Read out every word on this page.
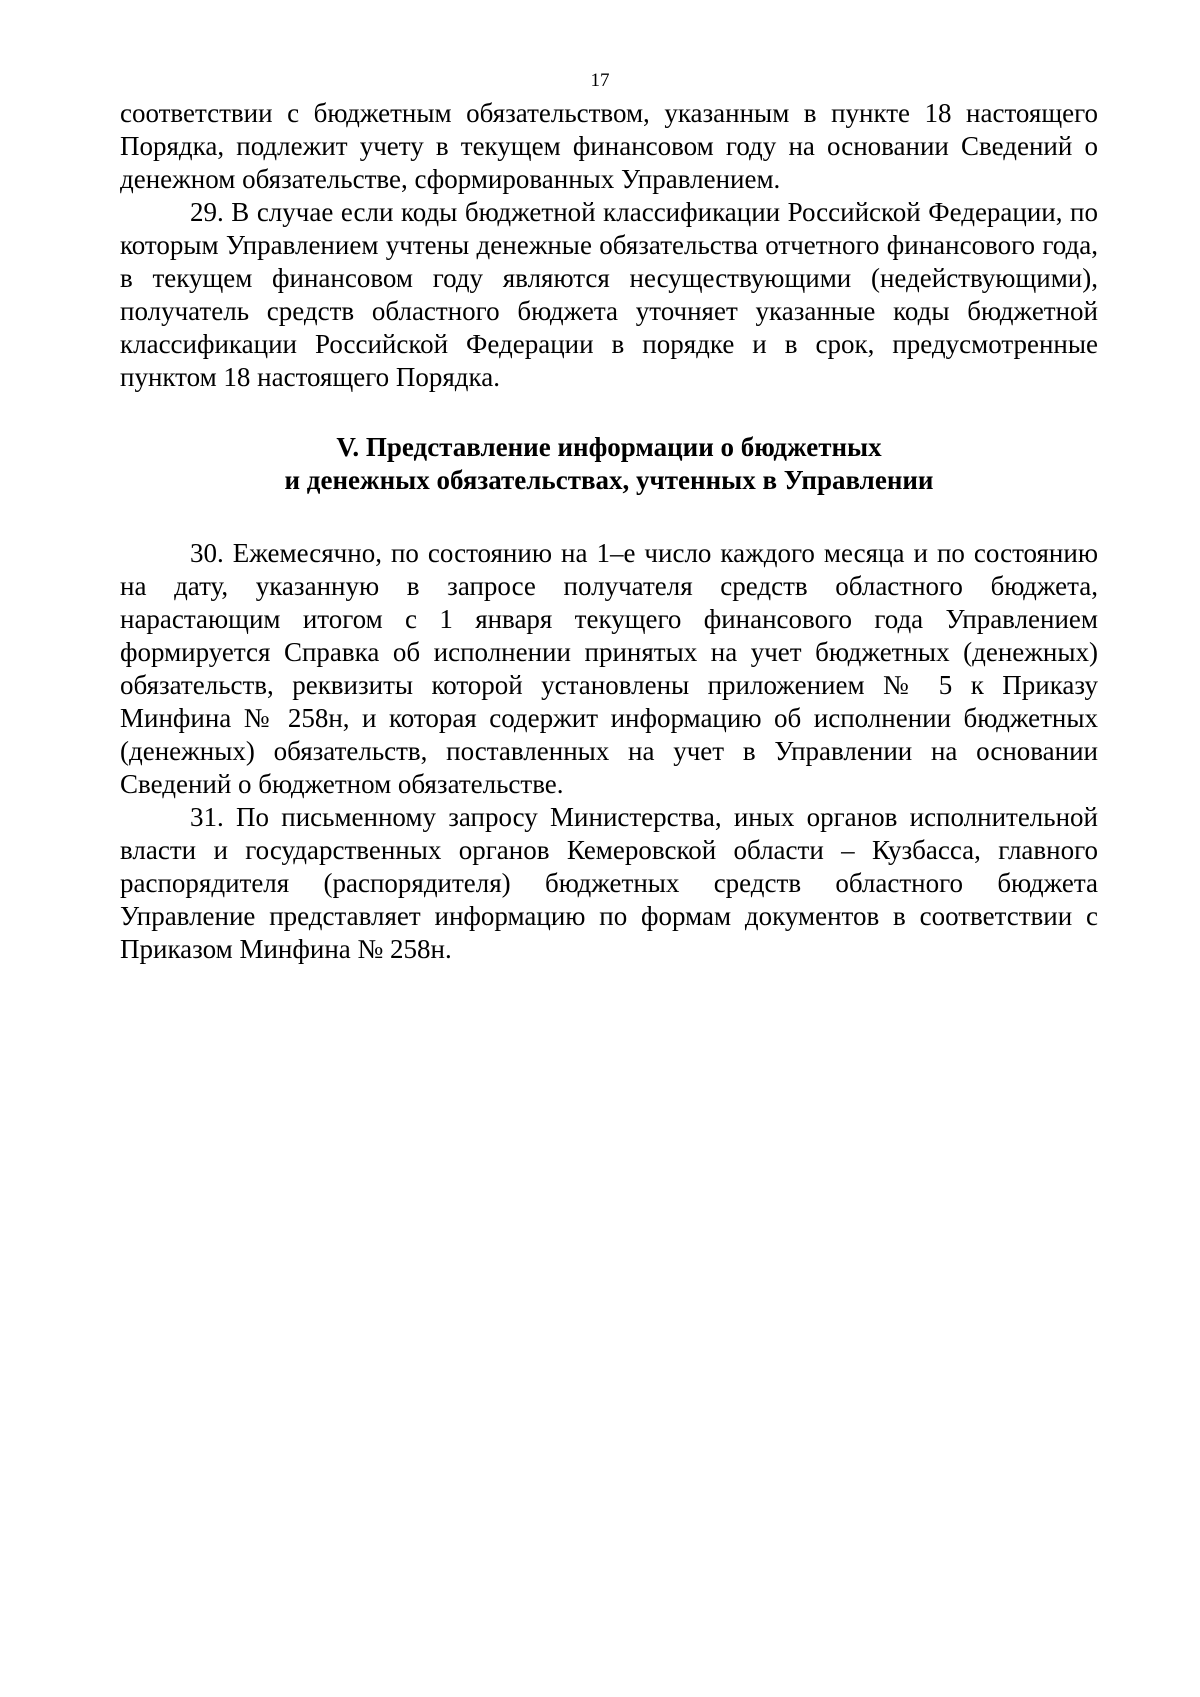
17

соответствии с бюджетным обязательством, указанным в пункте 18 настоящего Порядка, подлежит учету в текущем финансовом году на основании Сведений о денежном обязательстве, сформированных Управлением.

29. В случае если коды бюджетной классификации Российской Федерации, по которым Управлением учтены денежные обязательства отчетного финансового года, в текущем финансовом году являются несуществующими (недействующими), получатель средств областного бюджета уточняет указанные коды бюджетной классификации Российской Федерации в порядке и в срок, предусмотренные пунктом 18 настоящего Порядка.

V. Представление информации о бюджетных
и денежных обязательствах, учтенных в Управлении

30. Ежемесячно, по состоянию на 1–е число каждого месяца и по состоянию на дату, указанную в запросе получателя средств областного бюджета, нарастающим итогом с 1 января текущего финансового года Управлением формируется Справка об исполнении принятых на учет бюджетных (денежных) обязательств, реквизиты которой установлены приложением № 5 к Приказу Минфина № 258н, и которая содержит информацию об исполнении бюджетных (денежных) обязательств, поставленных на учет в Управлении на основании Сведений о бюджетном обязательстве.

31. По письменному запросу Министерства, иных органов исполнительной власти и государственных органов Кемеровской области – Кузбасса, главного распорядителя (распорядителя) бюджетных средств областного бюджета Управление представляет информацию по формам документов в соответствии с Приказом Минфина № 258н.
